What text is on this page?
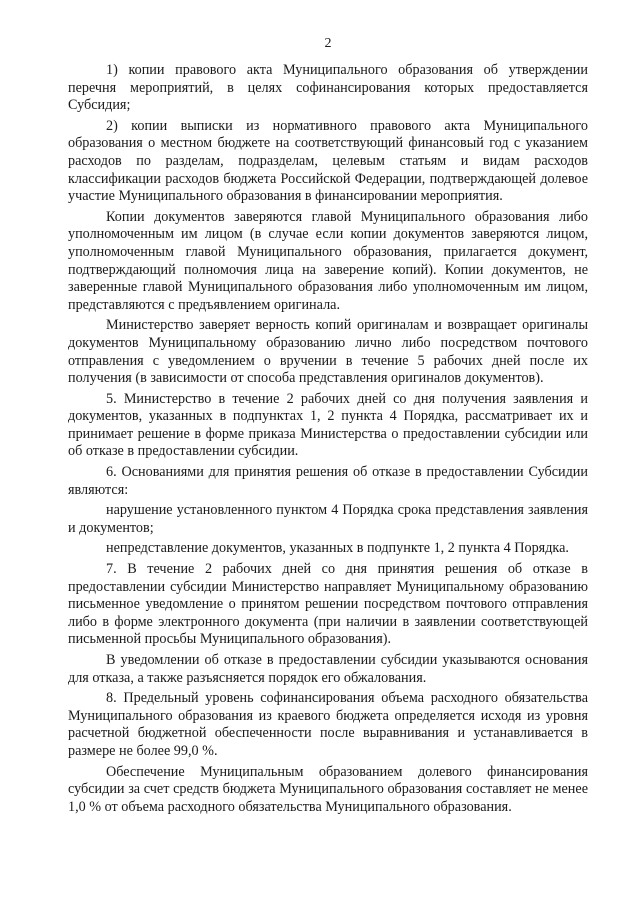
2

1) копии правового акта Муниципального образования об утверждении перечня мероприятий, в целях софинансирования которых предоставляется Субсидия;

2) копии выписки из нормативного правового акта Муниципального образования о местном бюджете на соответствующий финансовый год с указанием расходов по разделам, подразделам, целевым статьям и видам расходов классификации расходов бюджета Российской Федерации, подтверждающей долевое участие Муниципального образования в финансировании мероприятия.

Копии документов заверяются главой Муниципального образования либо уполномоченным им лицом (в случае если копии документов заверяются лицом, уполномоченным главой Муниципального образования, прилагается документ, подтверждающий полномочия лица на заверение копий). Копии документов, не заверенные главой Муниципального образования либо уполномоченным им лицом, представляются с предъявлением оригинала.

Министерство заверяет верность копий оригиналам и возвращает оригиналы документов Муниципальному образованию лично либо посредством почтового отправления с уведомлением о вручении в течение 5 рабочих дней после их получения (в зависимости от способа представления оригиналов документов).

5. Министерство в течение 2 рабочих дней со дня получения заявления и документов, указанных в подпунктах 1, 2 пункта 4 Порядка, рассматривает их и принимает решение в форме приказа Министерства о предоставлении субсидии или об отказе в предоставлении субсидии.

6. Основаниями для принятия решения об отказе в предоставлении Субсидии являются:

нарушение установленного пунктом 4 Порядка срока представления заявления и документов;

непредставление документов, указанных в подпункте 1, 2 пункта 4 Порядка.

7. В течение 2 рабочих дней со дня принятия решения об отказе в предоставлении субсидии Министерство направляет Муниципальному образованию письменное уведомление о принятом решении посредством почтового отправления либо в форме электронного документа (при наличии в заявлении соответствующей письменной просьбы Муниципального образования).

В уведомлении об отказе в предоставлении субсидии указываются основания для отказа, а также разъясняется порядок его обжалования.

8. Предельный уровень софинансирования объема расходного обязательства Муниципального образования из краевого бюджета определяется исходя из уровня расчетной бюджетной обеспеченности после выравнивания и устанавливается в размере не более 99,0 %.

Обеспечение Муниципальным образованием долевого финансирования субсидии за счет средств бюджета Муниципального образования составляет не менее 1,0 % от объема расходного обязательства Муниципального образования.
